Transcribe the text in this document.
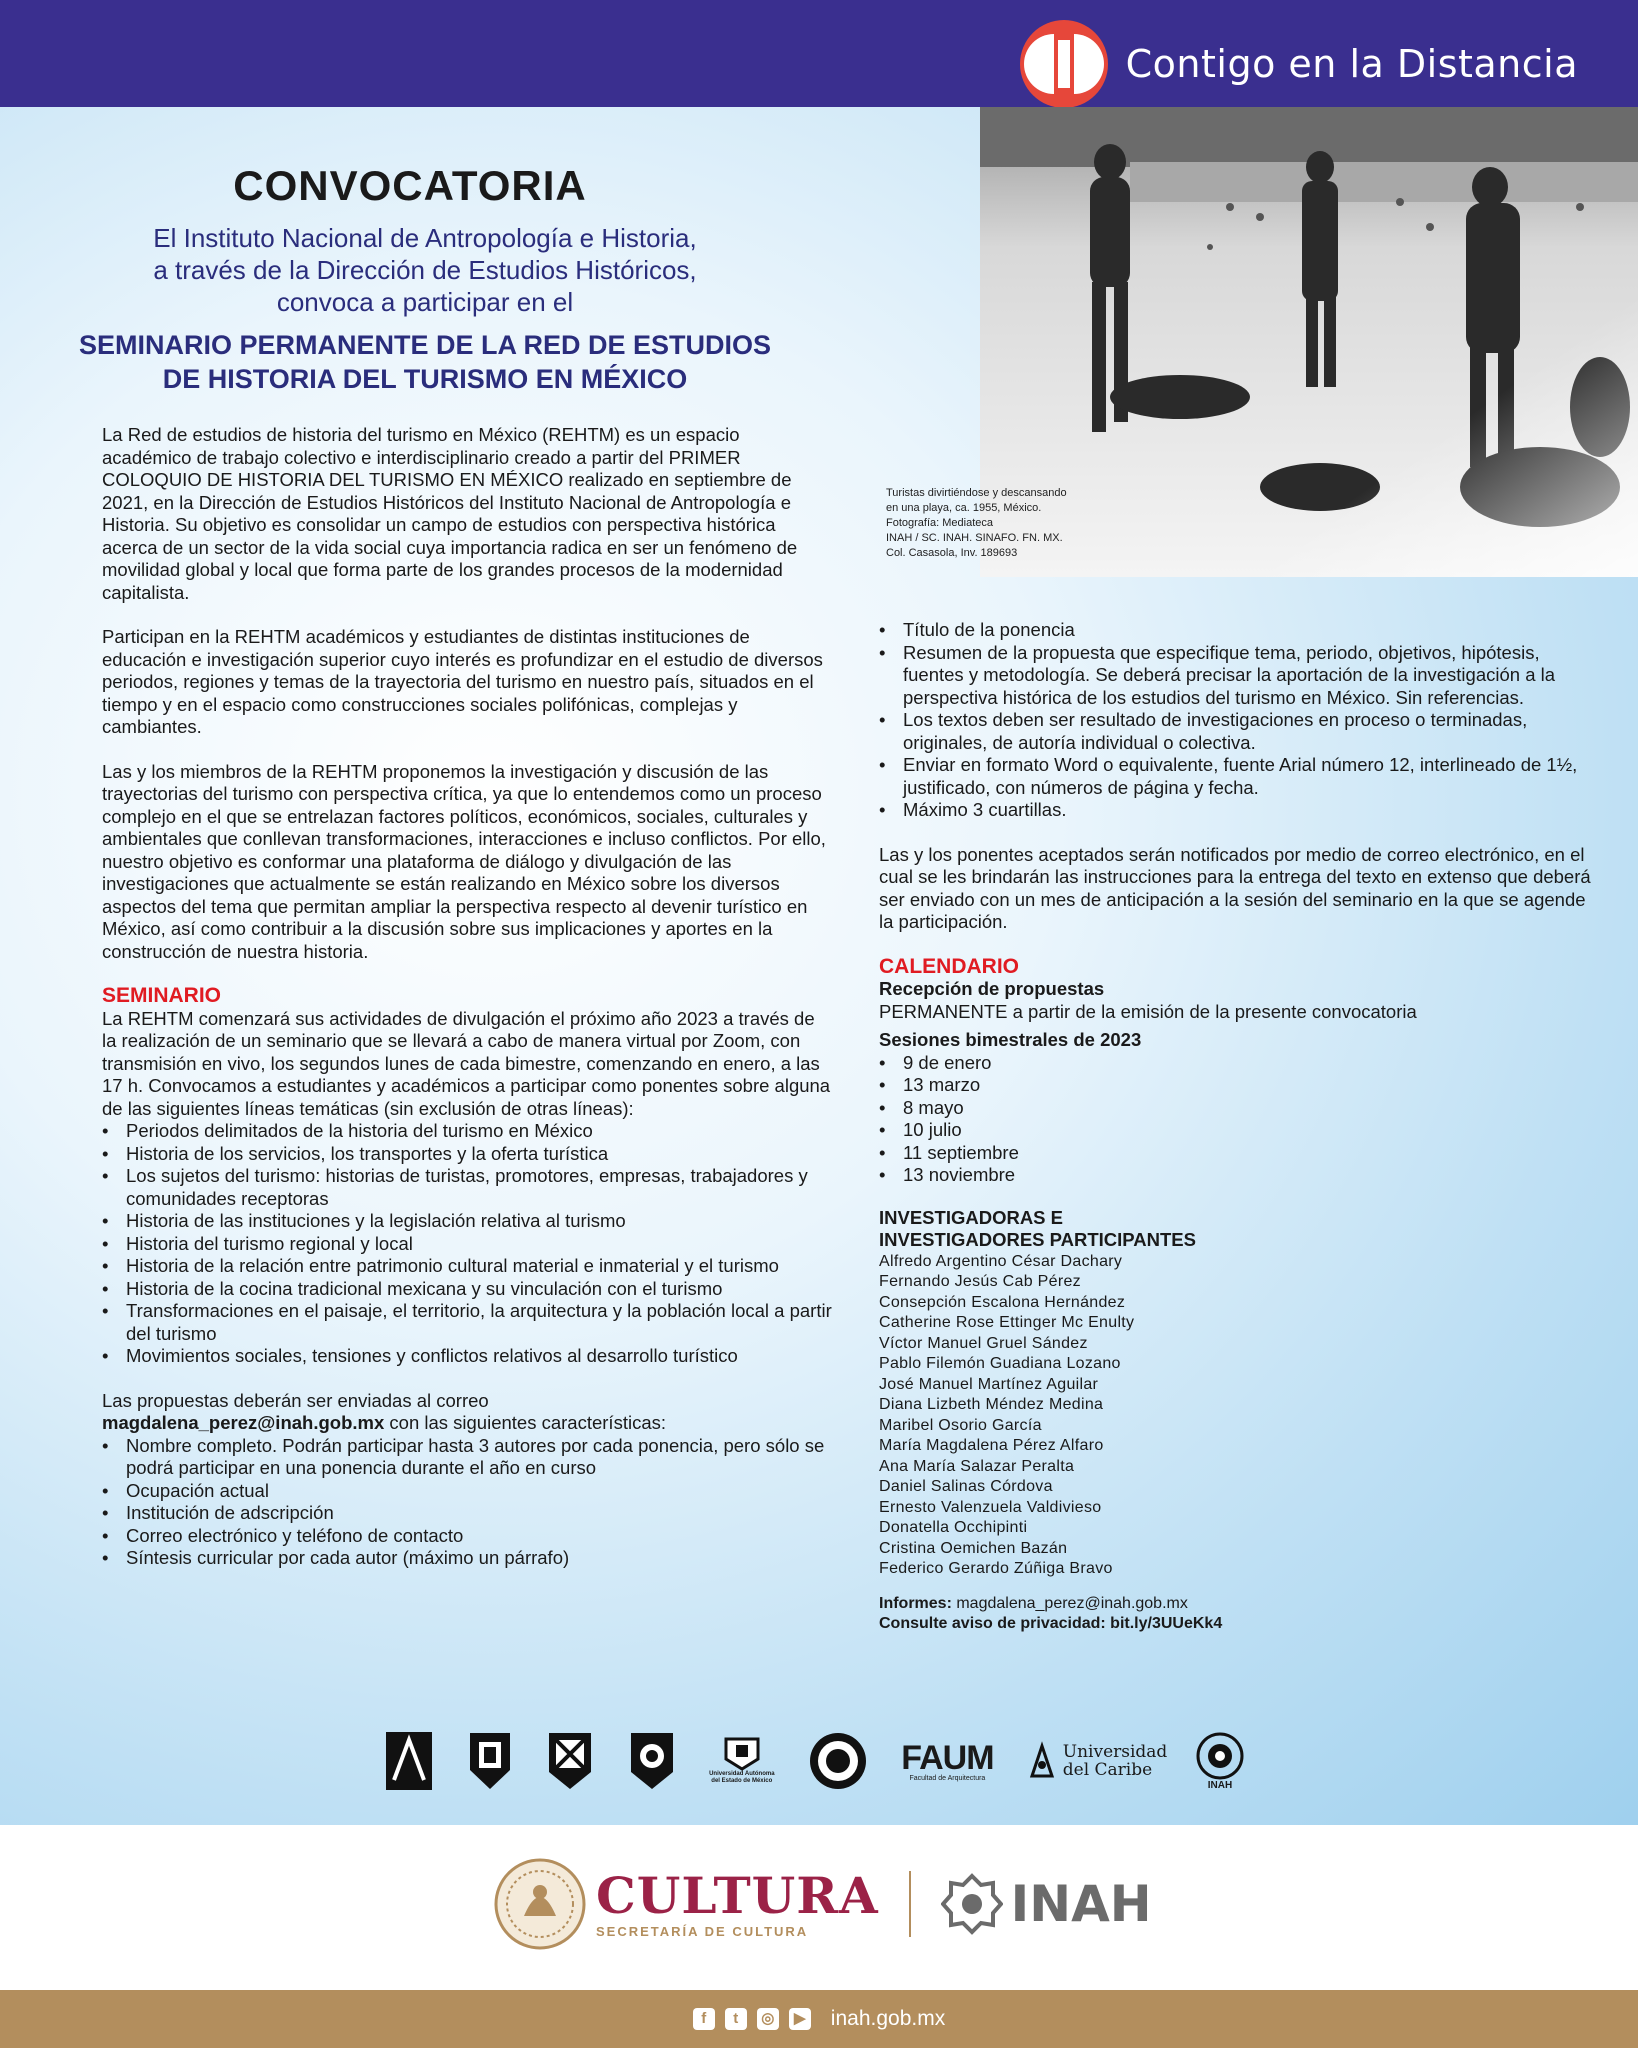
Contigo en la Distancia
Turistas divirtiéndose y descansando
en una playa, ca. 1955, México.
Fotografía: Mediateca
INAH / SC. INAH. SINAFO. FN. MX.
Col. Casasola, Inv. 189693
CONVOCATORIA
El Instituto Nacional de Antropología e Historia,
a través de la Dirección de Estudios Históricos,
convoca a participar en el
SEMINARIO PERMANENTE DE LA RED DE ESTUDIOS
DE HISTORIA DEL TURISMO EN MÉXICO

La Red de estudios de historia del turismo en México (REHTM) es un espacio académico de trabajo colectivo e interdisciplinario creado a partir del PRIMER COLOQUIO DE HISTORIA DEL TURISMO EN MÉXICO realizado en septiembre de 2021, en la Dirección de Estudios Históricos del Instituto Nacional de Antropología e Historia. Su objetivo es consolidar un campo de estudios con perspectiva histórica acerca de un sector de la vida social cuya importancia radica en ser un fenómeno de movilidad global y local que forma parte de los grandes procesos de la modernidad capitalista.

Participan en la REHTM académicos y estudiantes de distintas instituciones de educación e investigación superior cuyo interés es profundizar en el estudio de diversos periodos, regiones y temas de la trayectoria del turismo en nuestro país, situados en el tiempo y en el espacio como construcciones sociales polifónicas, complejas y cambiantes.

Las y los miembros de la REHTM proponemos la investigación y discusión de las trayectorias del turismo con perspectiva crítica, ya que lo entendemos como un proceso complejo en el que se entrelazan factores políticos, económicos, sociales, culturales y ambientales que conllevan transformaciones, interacciones e incluso conflictos. Por ello, nuestro objetivo es conformar una plataforma de diálogo y divulgación de las investigaciones que actualmente se están realizando en México sobre los diversos aspectos del tema que permitan ampliar la perspectiva respecto al devenir turístico en México, así como contribuir a la discusión sobre sus implicaciones y aportes en la construcción de nuestra historia.

SEMINARIO
La REHTM comenzará sus actividades de divulgación el próximo año 2023 a través de la realización de un seminario que se llevará a cabo de manera virtual por Zoom, con transmisión en vivo, los segundos lunes de cada bimestre, comenzando en enero, a las 17 h. Convocamos a estudiantes y académicos a participar como ponentes sobre alguna de las siguientes líneas temáticas (sin exclusión de otras líneas):
• Periodos delimitados de la historia del turismo en México
• Historia de los servicios, los transportes y la oferta turística
• Los sujetos del turismo: historias de turistas, promotores, empresas, trabajadores y comunidades receptoras
• Historia de las instituciones y la legislación relativa al turismo
• Historia del turismo regional y local
• Historia de la relación entre patrimonio cultural material e inmaterial y el turismo
• Historia de la cocina tradicional mexicana y su vinculación con el turismo
• Transformaciones en el paisaje, el territorio, la arquitectura y la población local a partir del turismo
• Movimientos sociales, tensiones y conflictos relativos al desarrollo turístico
Las propuestas deberán ser enviadas al correo
magdalena_perez@inah.gob.mx con las siguientes características:
• Nombre completo. Podrán participar hasta 3 autores por cada ponencia, pero sólo se podrá participar en una ponencia durante el año en curso
• Ocupación actual
• Institución de adscripción
• Correo electrónico y teléfono de contacto
• Síntesis curricular por cada autor (máximo un párrafo)
• Título de la ponencia
• Resumen de la propuesta que especifique tema, periodo, objetivos, hipótesis, fuentes y metodología. Se deberá precisar la aportación de la investigación a la perspectiva histórica de los estudios del turismo en México. Sin referencias.
• Los textos deben ser resultado de investigaciones en proceso o terminadas, originales, de autoría individual o colectiva.
• Enviar en formato Word o equivalente, fuente Arial número 12, interlineado de 1½, justificado, con números de página y fecha.
• Máximo 3 cuartillas.

Las y los ponentes aceptados serán notificados por medio de correo electrónico, en el cual se les brindarán las instrucciones para la entrega del texto en extenso que deberá ser enviado con un mes de anticipación a la sesión del seminario en la que se agende la participación.

CALENDARIO
Recepción de propuestas
PERMANENTE a partir de la emisión de la presente convocatoria
Sesiones bimestrales de 2023
• 9 de enero
• 13 marzo
• 8 mayo
• 10 julio
• 11 septiembre
• 13 noviembre
INVESTIGADORAS E
INVESTIGADORES PARTICIPANTES
Alfredo Argentino César Dachary
Fernando Jesús Cab Pérez
Consepción Escalona Hernández
Catherine Rose Ettinger Mc Enulty
Víctor Manuel Gruel Sández
Pablo Filemón Guadiana Lozano
José Manuel Martínez Aguilar
Diana Lizbeth Méndez Medina
Maribel Osorio García
María Magdalena Pérez Alfaro
Ana María Salazar Peralta
Daniel Salinas Córdova
Ernesto Valenzuela Valdivieso
Donatella Occhipinti
Cristina Oemichen Bazán
Federico Gerardo Zúñiga Bravo
Informes: magdalena_perez@inah.gob.mx
Consulte aviso de privacidad: bit.ly/3UUeKk4
Universidad Autónoma del Estado de México
FAUM
Facultad de Arquitectura
Universidad del Caribe
INAH
CULTURA
SECRETARÍA DE CULTURA	INAH
f	t	◎	▶ inah.gob.mx
